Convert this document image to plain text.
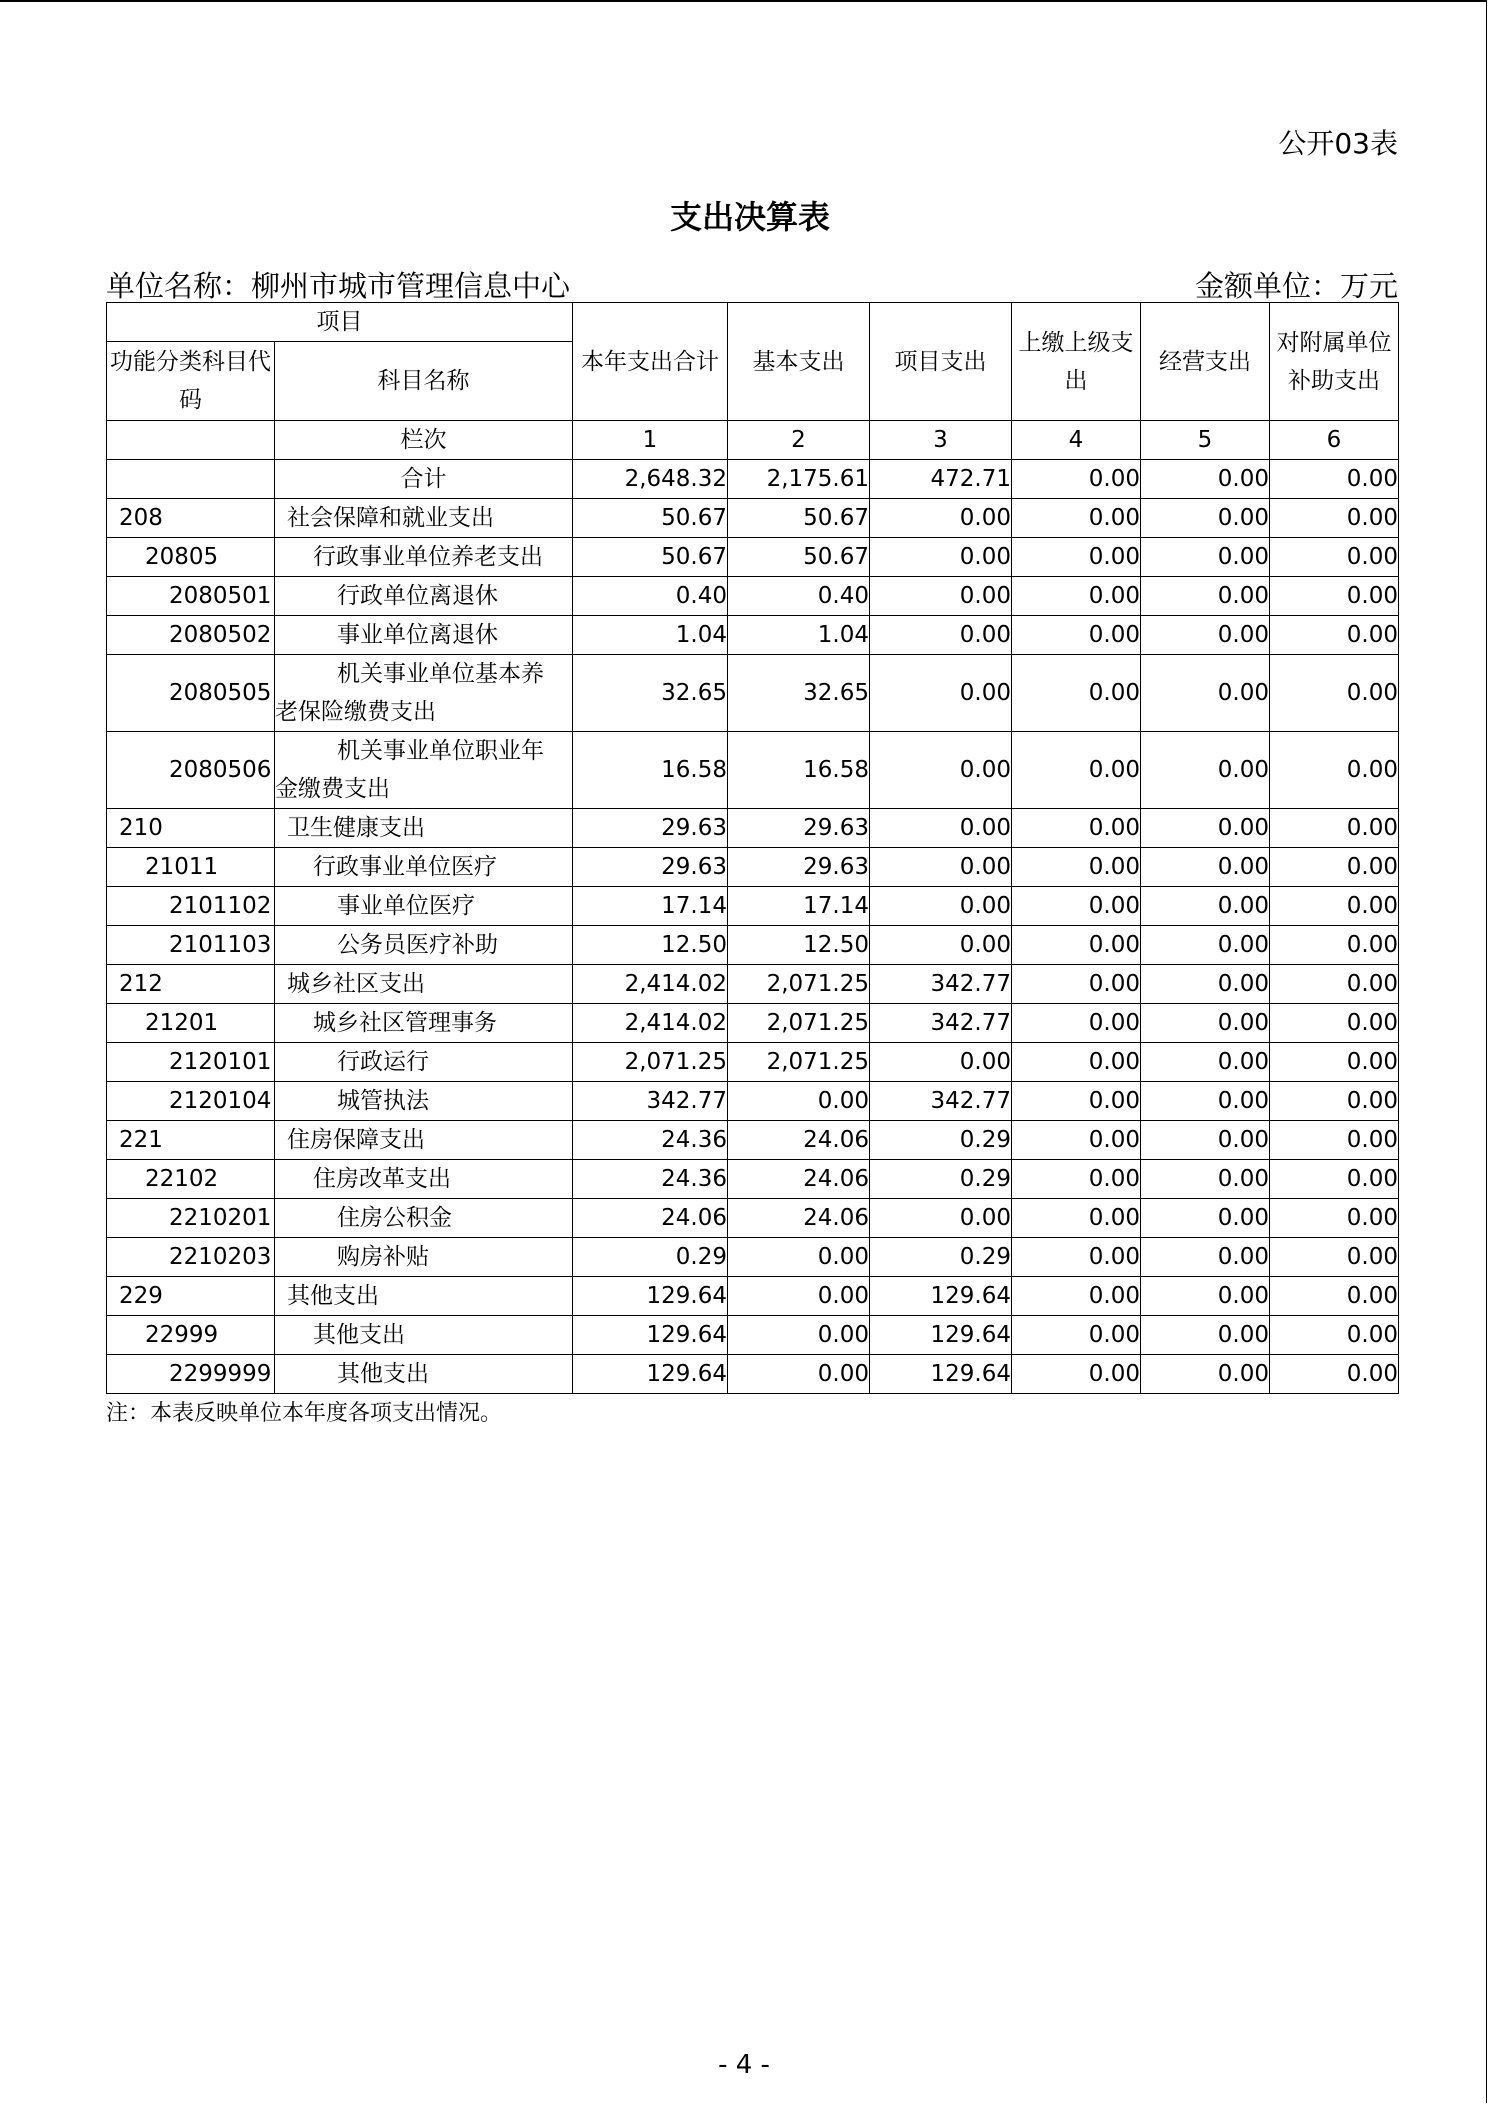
公开03表
支出决算表
单位名称：柳州市城市管理信息中心	金额单位：万元
项目		本年支出合计	基本支出	项目支出	上缴上级支出	经营支出	对附属单位补助支出
功能分类科目代码	科目名称						
	栏次	1	2	3	4	5	6
	合计	2,648.32	2,175.61	472.71	0.00	0.00	0.00
208	社会保障和就业支出	50.67	50.67	0.00	0.00	0.00	0.00
20805	行政事业单位养老支出	50.67	50.67	0.00	0.00	0.00	0.00
2080501	行政单位离退休	0.40	0.40	0.00	0.00	0.00	0.00
2080502	事业单位离退休	1.04	1.04	0.00	0.00	0.00	0.00
2080505	机关事业单位基本养
老保险缴费支出	32.65	32.65	0.00	0.00	0.00	0.00
2080506	机关事业单位职业年
金缴费支出	16.58	16.58	0.00	0.00	0.00	0.00
210	卫生健康支出	29.63	29.63	0.00	0.00	0.00	0.00
21011	行政事业单位医疗	29.63	29.63	0.00	0.00	0.00	0.00
2101102	事业单位医疗	17.14	17.14	0.00	0.00	0.00	0.00
2101103	公务员医疗补助	12.50	12.50	0.00	0.00	0.00	0.00
212	城乡社区支出	2,414.02	2,071.25	342.77	0.00	0.00	0.00
21201	城乡社区管理事务	2,414.02	2,071.25	342.77	0.00	0.00	0.00
2120101	行政运行	2,071.25	2,071.25	0.00	0.00	0.00	0.00
2120104	城管执法	342.77	0.00	342.77	0.00	0.00	0.00
221	住房保障支出	24.36	24.06	0.29	0.00	0.00	0.00
22102	住房改革支出	24.36	24.06	0.29	0.00	0.00	0.00
2210201	住房公积金	24.06	24.06	0.00	0.00	0.00	0.00
2210203	购房补贴	0.29	0.00	0.29	0.00	0.00	0.00
229	其他支出	129.64	0.00	129.64	0.00	0.00	0.00
22999	其他支出	129.64	0.00	129.64	0.00	0.00	0.00
2299999	其他支出	129.64	0.00	129.64	0.00	0.00	0.00
注：本表反映单位本年度各项支出情况。
- 4 -
